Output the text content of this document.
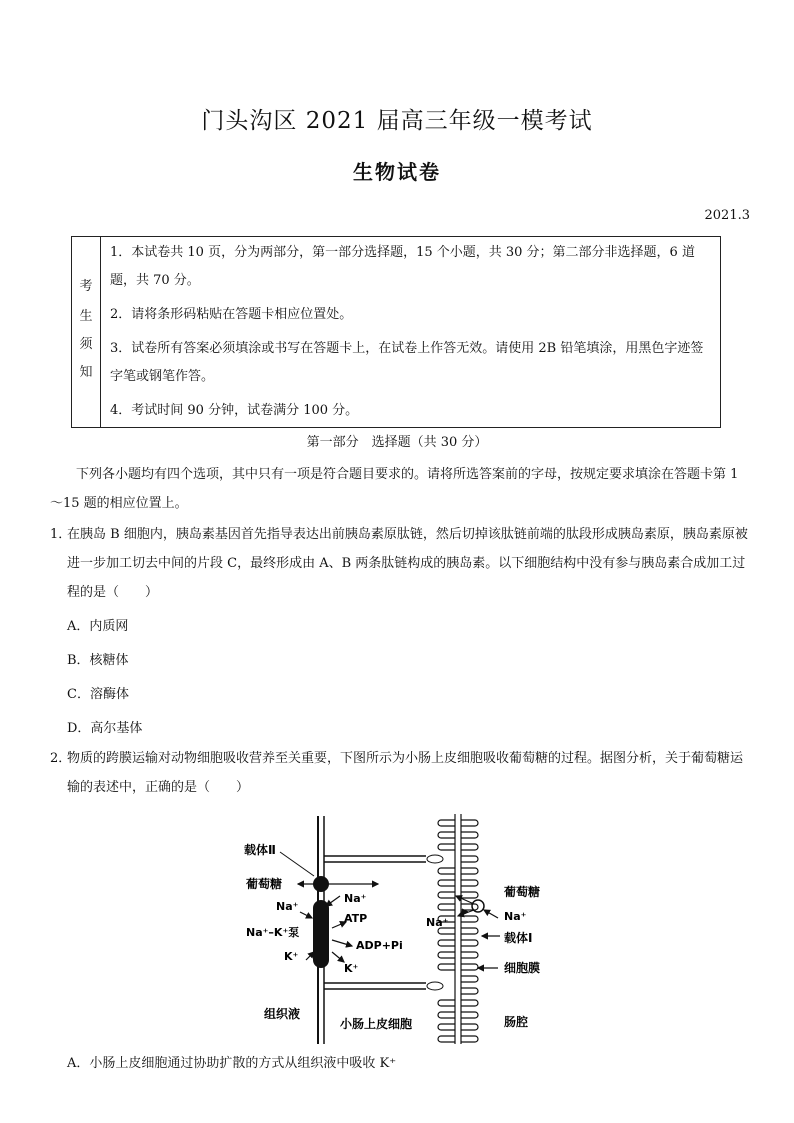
门头沟区 2021 届高三年级一模考试
生物试卷
2021.3
考
生
须
知

1．本试卷共 10 页，分为两部分，第一部分选择题，15 个小题，共 30 分；第二部分非选择题，6 道题，共 70 分。

2．请将条形码粘贴在答题卡相应位置处。

3．试卷所有答案必须填涂或书写在答题卡上，在试卷上作答无效。请使用 2B 铅笔填涂，用黑色字迹签字笔或钢笔作答。

4．考试时间 90 分钟，试卷满分 100 分。

第一部分　选择题（共 30 分）
下列各小题均有四个选项，其中只有一项是符合题目要求的。请将所选答案前的字母，按规定要求填涂在答题卡第 1～15 题的相应位置上。
1．
在胰岛 B 细胞内，胰岛素基因首先指导表达出前胰岛素原肽链，然后切掉该肽链前端的肽段形成胰岛素原，胰岛素原被进一步加工切去中间的片段 C，最终形成由 A、B 两条肽链构成的胰岛素。以下细胞结构中没有参与胰岛素合成加工过程的是（　　）
A．内质网
B．核糖体
C．溶酶体
D．高尔基体
2．
物质的跨膜运输对动物细胞吸收营养至关重要，下图所示为小肠上皮细胞吸收葡萄糖的过程。据图分析，关于葡萄糖运输的表述中，正确的是（　　）
载体Ⅱ
葡萄糖
Na⁺
Na⁺
ATP
Na⁺–K⁺泵
ADP+Pi
K⁺
K⁺
组织液
小肠上皮细胞
葡萄糖
Na⁺
Na⁺
载体Ⅰ
细胞膜
肠腔
A．小肠上皮细胞通过协助扩散的方式从组织液中吸收 K⁺
